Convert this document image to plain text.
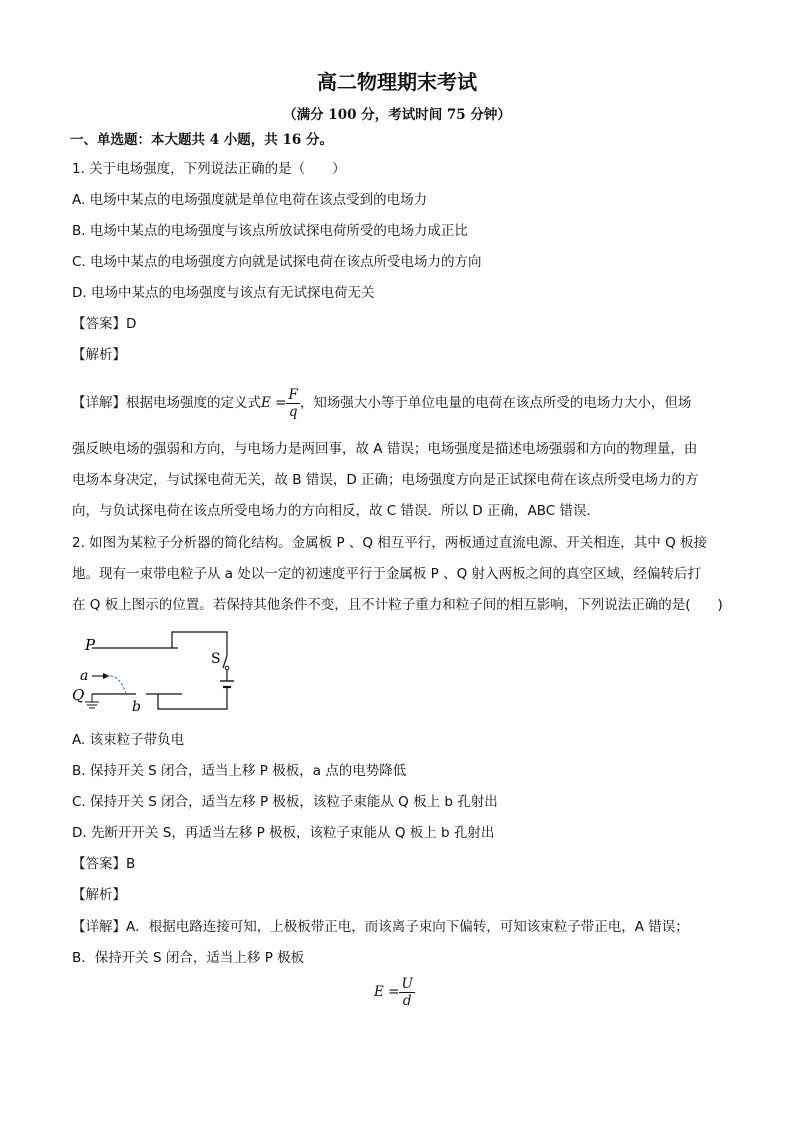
高二物理期末考试
（满分 100 分，考试时间 75 分钟）
一、单选题：本大题共 4 小题，共 16 分。
1. 关于电场强度，下列说法正确的是（　　）
A. 电场中某点的电场强度就是单位电荷在该点受到的电场力
B. 电场中某点的电场强度与该点所放试探电荷所受的电场力成正比
C. 电场中某点的电场强度方向就是试探电荷在该点所受电场力的方向
D. 电场中某点的电场强度与该点有无试探电荷无关
【答案】D
【解析】
【详解】根据电场强度的定义式$E = \frac{F}{q}$ ，知场强大小等于单位电量的电荷在该点所受的电场力大小，但场
强反映电场的强弱和方向，与电场力是两回事，故 A 错误；电场强度是描述电场强弱和方向的物理量，由
电场本身决定，与试探电荷无关，故 B 错误，D 正确；电场强度方向是正试探电荷在该点所受电场力的方
向，与负试探电荷在该点所受电场力的方向相反，故 C 错误．所以 D 正确，ABC 错误．
2. 如图为某粒子分析器的简化结构。金属板 P 、Q 相互平行，两板通过直流电源、开关相连，其中 Q 板接
地。现有一束带电粒子从 a 处以一定的初速度平行于金属板 P 、Q 射入两板之间的真空区域，经偏转后打
在 Q 板上图示的位置。若保持其他条件不变，且不计粒子重力和粒子间的相互影响，下列说法正确的是(　　)
P
Q
a
b
S
A. 该束粒子带负电
B. 保持开关 S 闭合，适当上移 P 极板，a 点的电势降低
C. 保持开关 S 闭合，适当左移 P 极板，该粒子束能从 Q 板上 b 孔射出
D. 先断开开关 S，再适当左移 P 极板，该粒子束能从 Q 板上 b 孔射出
【答案】B
【解析】
【详解】A．根据电路连接可知，上极板带正电，而该离子束向下偏转，可知该束粒子带正电，A 错误；
B．保持开关 S 闭合，适当上移 P 极板
$E = \frac{U}{d}$
